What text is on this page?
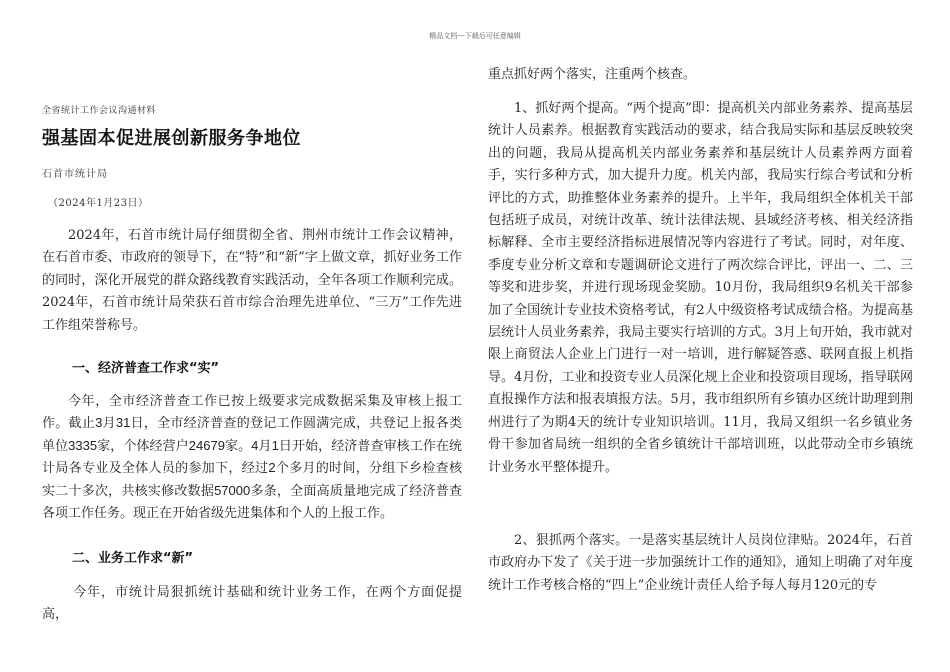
精品文档---下载后可任意编辑
全省统计工作会议沟通材料
强基固本促进展创新服务争地位
石首市统计局
（2024年1月23日）

2024年，石首市统计局仔细贯彻全省、荆州市统计工作会议精神，在石首市委、市政府的领导下，在“特”和“新”字上做文章，抓好业务工作的同时，深化开展党的群众路线教育实践活动，全年各项工作顺利完成。2024年，石首市统计局荣获石首市综合治理先进单位、“三万”工作先进工作组荣誉称号。

一、经济普查工作求“实”

今年，全市经济普查工作已按上级要求完成数据采集及审核上报工作。截止3月31日，全市经济普查的登记工作圆满完成，共登记上报各类单位3335家，个体经营户24679家。4月1日开始，经济普查审核工作在统计局各专业及全体人员的参加下，经过2个多月的时间，分组下乡检查核实二十多次，共核实修改数据57000多条，全面高质量地完成了经济普查各项工作任务。现正在开始省级先进集体和个人的上报工作。

二、业务工作求“新”

今年，市统计局狠抓统计基础和统计业务工作，在两个方面促提高，

重点抓好两个落实，注重两个核查。

1、抓好两个提高。“两个提高”即：提高机关内部业务素养、提高基层统计人员素养。根据教育实践活动的要求，结合我局实际和基层反映较突出的问题，我局从提高机关内部业务素养和基层统计人员素养两方面着手，实行多种方式，加大提升力度。机关内部，我局实行综合考试和分析评比的方式，助推整体业务素养的提升。上半年，我局组织全体机关干部包括班子成员，对统计改革、统计法律法规、县域经济考核、相关经济指标解释、全市主要经济指标进展情况等内容进行了考试。同时，对年度、季度专业分析文章和专题调研论文进行了两次综合评比，评出一、二、三等奖和进步奖，并进行现场现金奖励。10月份，我局组织9名机关干部参加了全国统计专业技术资格考试，有2人中级资格考试成绩合格。为提高基层统计人员业务素养，我局主要实行培训的方式。3月上旬开始，我市就对限上商贸法人企业上门进行一对一培训，进行解疑答惑、联网直报上机指导。4月份，工业和投资专业人员深化规上企业和投资项目现场，指导联网直报操作方法和报表填报方法。5月，我市组织所有乡镇办区统计助理到荆州进行了为期4天的统计专业知识培训。11月，我局又组织一名乡镇业务骨干参加省局统一组织的全省乡镇统计干部培训班，以此带动全市乡镇统计业务水平整体提升。

2、狠抓两个落实。一是落实基层统计人员岗位津贴。2024年，石首市政府办下发了《关于进一步加强统计工作的通知》，通知上明确了对年度统计工作考核合格的“四上”企业统计责任人给予每人每月120元的专
